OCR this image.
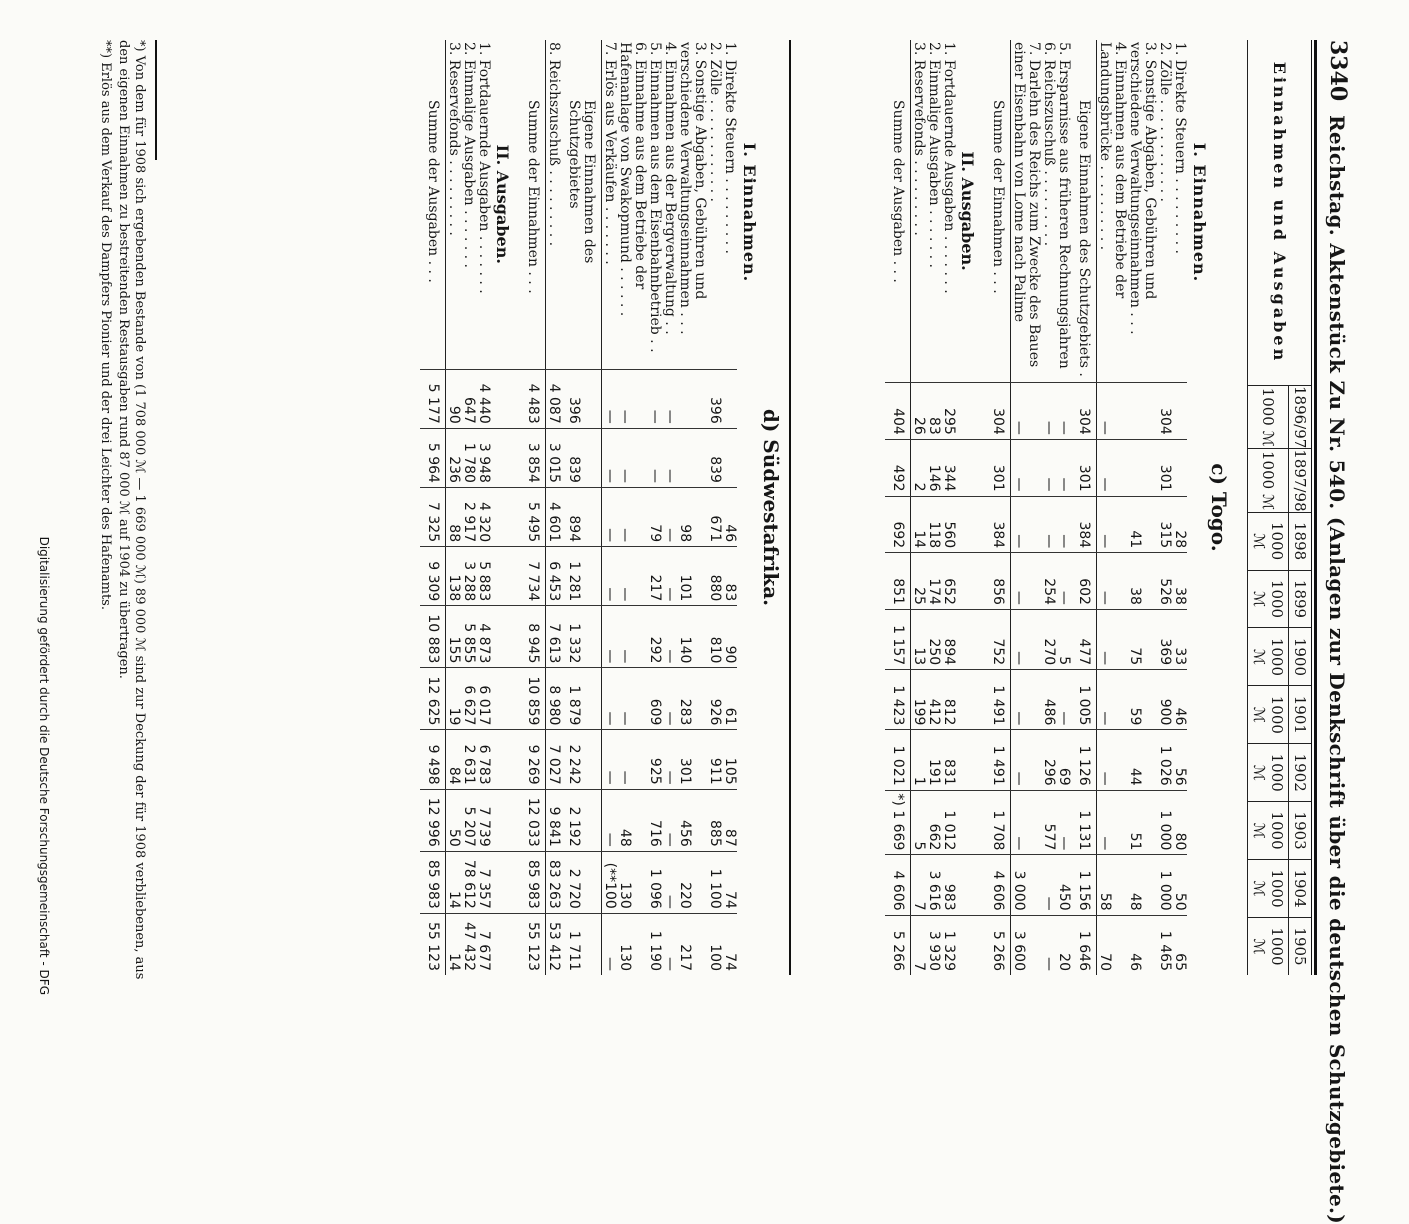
3340
Reichstag. Aktenstück Zu Nr. 540. (Anlagen zur Denkschrift über die deutschen Schutzgebiete.)
Einnahmen und Ausgaben	1896/97	1897/98	1898	1899	1900	1901	1902	1903	1904	1905
	1000 ℳ	1000 ℳ	1000 ℳ	1000 ℳ	1000 ℳ	1000 ℳ	1000 ℳ	1000 ℳ	1000 ℳ	1000 ℳ
c) Togo.
I. Einnahmen.
1. Direkte Steuern . . . . . . . . .			28	38	33	46	56	80	50	65
2. Zölle . . . . . . . . . . . .	304	301	315	526	369	900	1 026	1 000	1 000	1 465
3. Sonstige Abgaben, Gebühren und verschiedene Verwaltungseinnahmen . . .			41	38	75	59	44	51	48	46
4. Einnahmen aus dem Betriebe der Landungsbrücke . . . . . . . . . .	—	—	—	—	—	—	—	—	58	70
Eigene Einnahmen des Schutzgebiets .	304	301	384	602	477	1 005	1 126	1 131	1 156	1 646
5. Ersparnisse aus früheren Rechnungsjahren	—	—	—	—	5	—	69	—	450	20
6. Reichszuschuß . . . . . . . . .	—	—	—	254	270	486	296	577	—	—
7. Darlehn des Reichs zum Zwecke des Baues einer Eisenbahn von Lome nach Palime	—	—	—	—	—	—	—	—	3 000	3 600
Summe der Einnahmen . . .	304	301	384	856	752	1 491	1 491	1 708	4 606	5 266
II. Ausgaben.										
1. Fortdauernde Ausgaben . . . . . . .	295	344	560	652	894	812	831	1 012	983	1 329
2. Einmalige Ausgaben . . . . . . .	83	146	118	174	250	412	191	662	3 616	3 930
3. Reservefonds . . . . . . . . .	26	2	14	25	13	199	1	5	7	7
Summe der Ausgaben . . .	404	492	692	851	1 157	1 423	1 021	*) 1 669	4 606	5 266
d) Südwestafrika.
I. Einnahmen.
1. Direkte Steuern . . . . . . . . .			46	83	90	61	105	87	74	74
2. Zölle . . . . . . . . . . . .	396	839	671	880	810	926	911	885	1 100	100
3. Sonstige Abgaben, Gebühren und verschiedene Verwaltungseinnahmen . . .			98	101	140	283	301	456	220	217
4. Einnahmen aus der Bergverwaltung . .	—	—	—	—	—	—	—	—	—	—
5. Einnahmen aus dem Eisenbahnbetrieb . .	—	—	79	217	292	609	925	716	1 096	1 190
6. Einnahme aus dem Betriebe der Hafenanlage von Swakopmund . . . . . .	—	—	—	—	—	—	—	48	130	130
7. Erlös aus Verkäufen . . . . . . .	—	—	—	—	—	—	—	—	(**100	—
Eigene Einnahmen des Schutzgebietes	396	839	894	1 281	1 332	1 879	2 242	2 192	2 720	1 711
8. Reichszuschuß . . . . . . . . .	4 087	3 015	4 601	6 453	7 613	8 980	7 027	9 841	83 263	53 412
Summe der Einnahmen . . .	4 483	3 854	5 495	7 734	8 945	10 859	9 269	12 033	85 983	55 123
II. Ausgaben.										
1. Fortdauernde Ausgaben . . . . . . .	4 440	3 948	4 320	5 883	4 873	6 017	6 783	7 739	7 357	7 677
2. Einmalige Ausgaben . . . . . . .	647	1 780	2 917	3 288	5 855	6 627	2 631	5 207	78 612	47 432
3. Reservefonds . . . . . . . . .	90	236	88	138	155	19	84	50	14	14
Summe der Ausgaben . . .	5 177	5 964	7 325	9 309	10 883	12 625	9 498	12 996	85 983	55 123
*) Von dem für 1908 sich ergebenden Bestande von (1 708 000 ℳ — 1 669 000 ℳ) 89 000 ℳ sind zur Deckung der für 1908 verbliebenen, aus den eigenen Einnahmen zu bestreitenden Restausgaben rund 87 000 ℳ auf 1904 zu übertragen.
**) Erlös aus dem Verkauf des Dampfers Pionier und der drei Leichter des Hafenamts.
Digitalisierung gefördert durch die Deutsche Forschungsgemeinschaft - DFG
